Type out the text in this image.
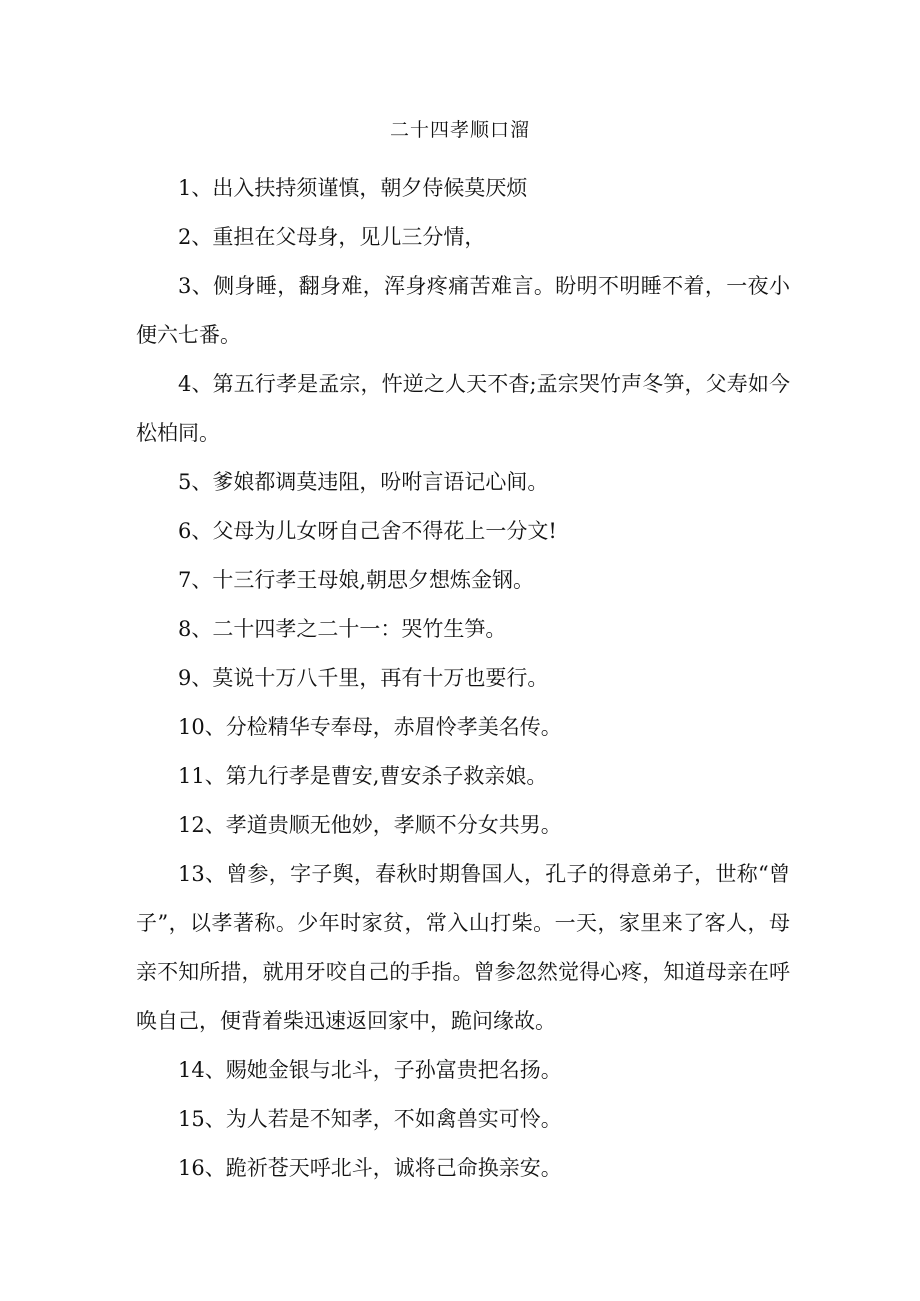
二十四孝顺口溜

1、出入扶持须谨慎，朝夕侍候莫厌烦

2、重担在父母身，见儿三分情，

3、侧身睡，翻身难，浑身疼痛苦难言。盼明不明睡不着，一夜小便六七番。

4、第五行孝是孟宗，忤逆之人天不杳;孟宗哭竹声冬笋，父寿如今松柏同。

5、爹娘都调莫违阻，吩咐言语记心间。

6、父母为儿女呀自己舍不得花上一分文!

7、十三行孝王母娘,朝思夕想炼金钢。

8、二十四孝之二十一：哭竹生笋。

9、莫说十万八千里，再有十万也要行。

10、分检精华专奉母，赤眉怜孝美名传。

11、第九行孝是曹安,曹安杀子救亲娘。

12、孝道贵顺无他妙，孝顺不分女共男。

13、曾参，字子舆，春秋时期鲁国人，孔子的得意弟子，世称“曾子”，以孝著称。少年时家贫，常入山打柴。一天，家里来了客人，母亲不知所措，就用牙咬自己的手指。曾参忽然觉得心疼，知道母亲在呼唤自己，便背着柴迅速返回家中，跪问缘故。

14、赐她金银与北斗，子孙富贵把名扬。

15、为人若是不知孝，不如禽兽实可怜。

16、跪祈苍天呼北斗，诚将己命换亲安。
